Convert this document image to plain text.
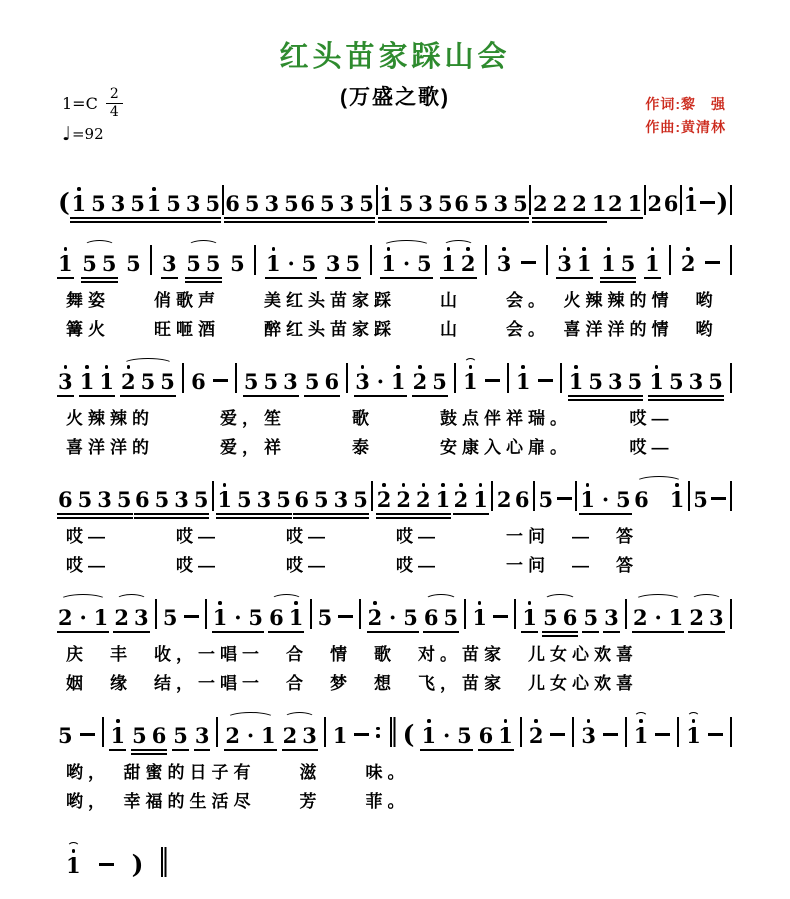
红头苗家踩山会
$1=C \frac{2}{4}$
♩ =92
(万盛之歌)	作词:黎　强
作曲:黄清林
( 1 5 3 5 1 5 3 5 6 5 3 5 6 5 3 5 1 5 3 5 6 5 3 5 2 2 2 1 2 1 2 6 1 )
1 5 5 5 3 5 5 5 1 · 5 3 5 1 · 5 1 2 3 3 1 1 5 1 2
舞姿　　俏歌声　　美红头苗家踩　　山　　会。　火辣辣的情　哟
篝火　　旺咂酒　　醉红头苗家踩　　山　　会。　喜洋洋的情　哟
3 1 1 2 5 5 6 5 5 3 5 6 3 · 1 2 5 1 1 1 5 3 5 1 5 3 5
火辣辣的　　　爱，笙　　　歌　　　鼓点伴祥瑞。　　　哎—
喜洋洋的　　　爱，祥　　　泰　　　安康入心扉。　　　哎—
6 5 3 5 6 5 3 5 1 5 3 5 6 5 3 5 2 2 2 1 2 1 2 6 5 1 · 5 6
1 5
哎—　　　哎—　　　哎—　　　哎—　　　一问　—　答
哎—　　　哎—　　　哎—　　　哎—　　　一问　—　答
2 · 1 2 3 5 1 · 5 6 1 5 2 · 5 6 5 1 1 5 6 5 3 2 · 1 2 3
庆　丰　收，一唱一　合　情　歌　对。苗家　儿女心欢喜
姻　缘　结，一唱一　合　梦　想　飞，苗家　儿女心欢喜
5 1 5 6 5 3 2 · 1 2 3 1 ( 1 · 5 6 1 2 3 1 1
哟，　甜蜜的日子有　　滋　　味。
哟，　幸福的生活尽　　芳　　菲。
1 )
